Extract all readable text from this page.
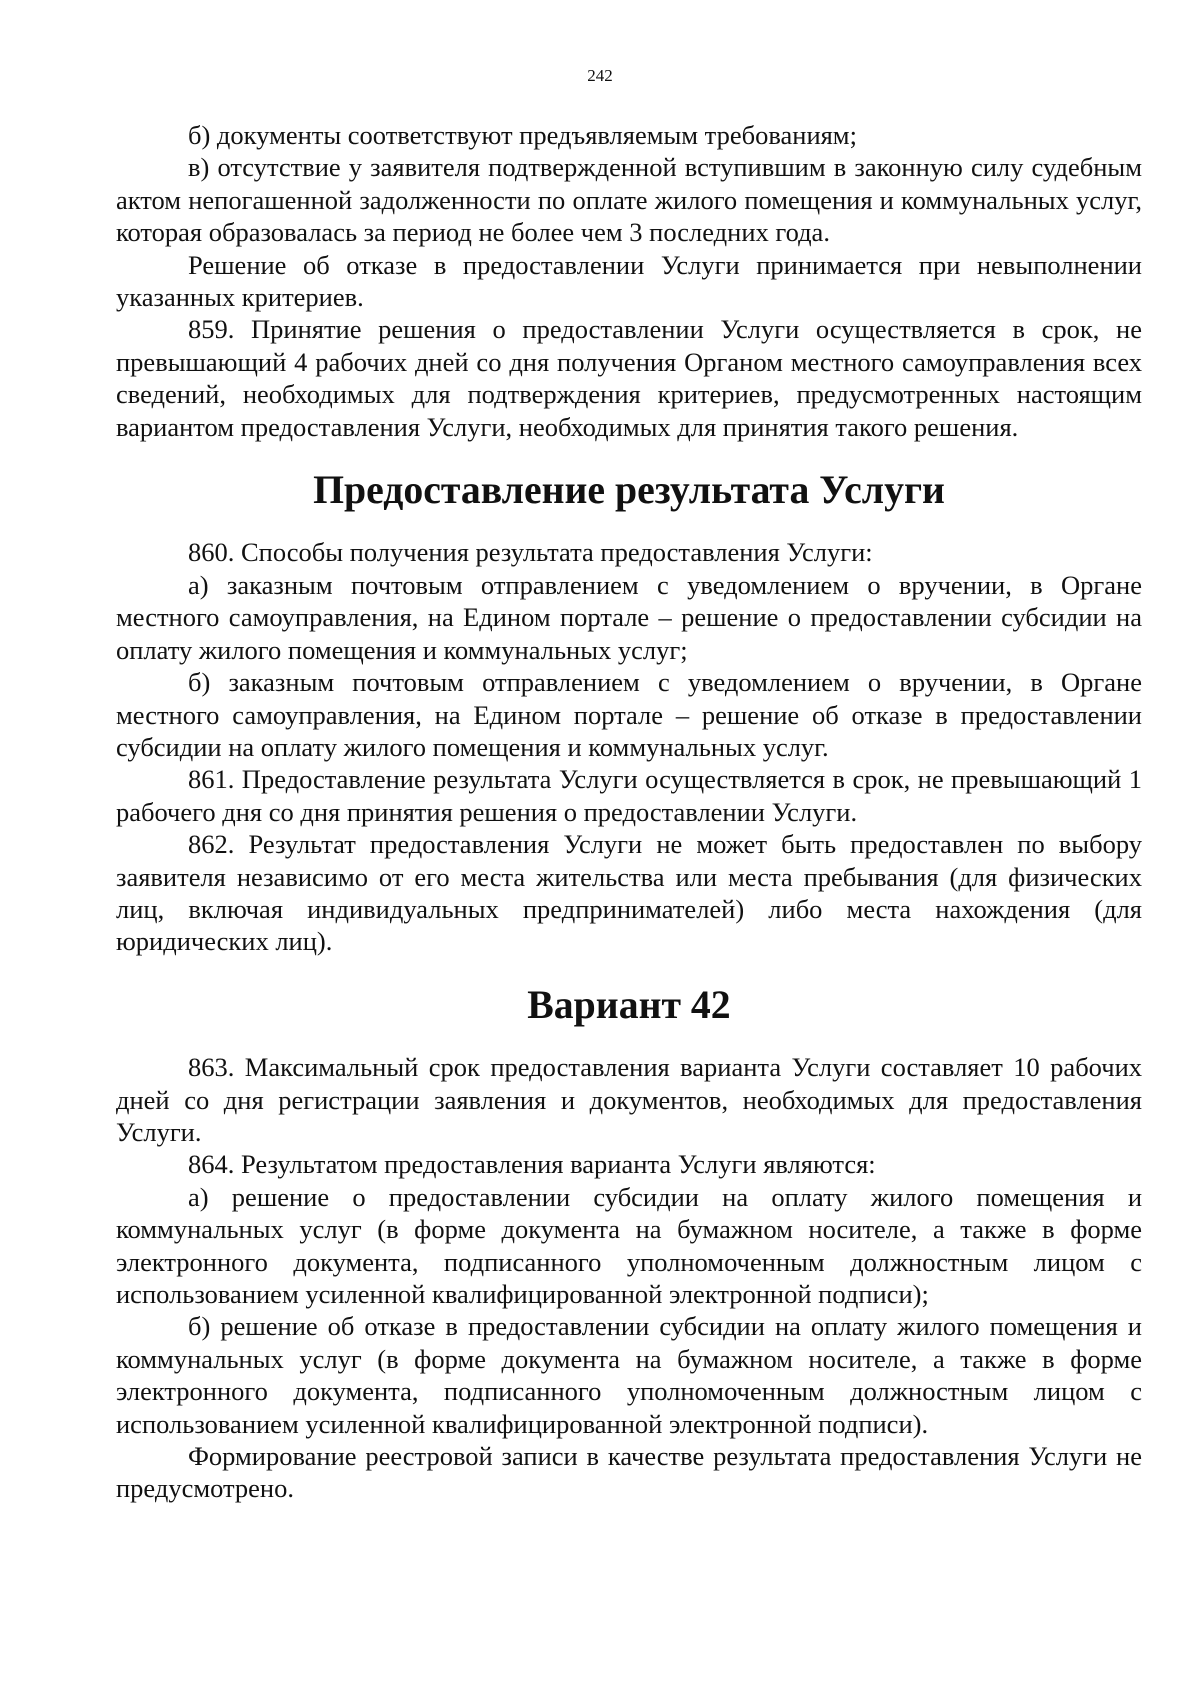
242

б) документы соответствуют предъявляемым требованиям;

в) отсутствие у заявителя подтвержденной вступившим в законную силу судебным актом непогашенной задолженности по оплате жилого помещения и коммунальных услуг, которая образовалась за период не более чем 3 последних года.

Решение об отказе в предоставлении Услуги принимается при невыполнении указанных критериев.

859. Принятие решения о предоставлении Услуги осуществляется в срок, не превышающий 4 рабочих дней со дня получения Органом местного самоуправления всех сведений, необходимых для подтверждения критериев, предусмотренных настоящим вариантом предоставления Услуги, необходимых для принятия такого решения.

Предоставление результата Услуги

860. Способы получения результата предоставления Услуги:

а) заказным почтовым отправлением с уведомлением о вручении, в Органе местного самоуправления, на Едином портале – решение о предоставлении субсидии на оплату жилого помещения и коммунальных услуг;

б) заказным почтовым отправлением с уведомлением о вручении, в Органе местного самоуправления, на Едином портале – решение об отказе в предоставлении субсидии на оплату жилого помещения и коммунальных услуг.

861. Предоставление результата Услуги осуществляется в срок, не превышающий 1 рабочего дня со дня принятия решения о предоставлении Услуги.

862. Результат предоставления Услуги не может быть предоставлен по выбору заявителя независимо от его места жительства или места пребывания (для физических лиц, включая индивидуальных предпринимателей) либо места нахождения (для юридических лиц).

Вариант 42

863. Максимальный срок предоставления варианта Услуги составляет 10 рабочих дней со дня регистрации заявления и документов, необходимых для предоставления Услуги.

864. Результатом предоставления варианта Услуги являются:

а) решение о предоставлении субсидии на оплату жилого помещения и коммунальных услуг (в форме документа на бумажном носителе, а также в форме электронного документа, подписанного уполномоченным должностным лицом с использованием усиленной квалифицированной электронной подписи);

б) решение об отказе в предоставлении субсидии на оплату жилого помещения и коммунальных услуг (в форме документа на бумажном носителе, а также в форме электронного документа, подписанного уполномоченным должностным лицом с использованием усиленной квалифицированной электронной подписи).

Формирование реестровой записи в качестве результата предоставления Услуги не предусмотрено.
